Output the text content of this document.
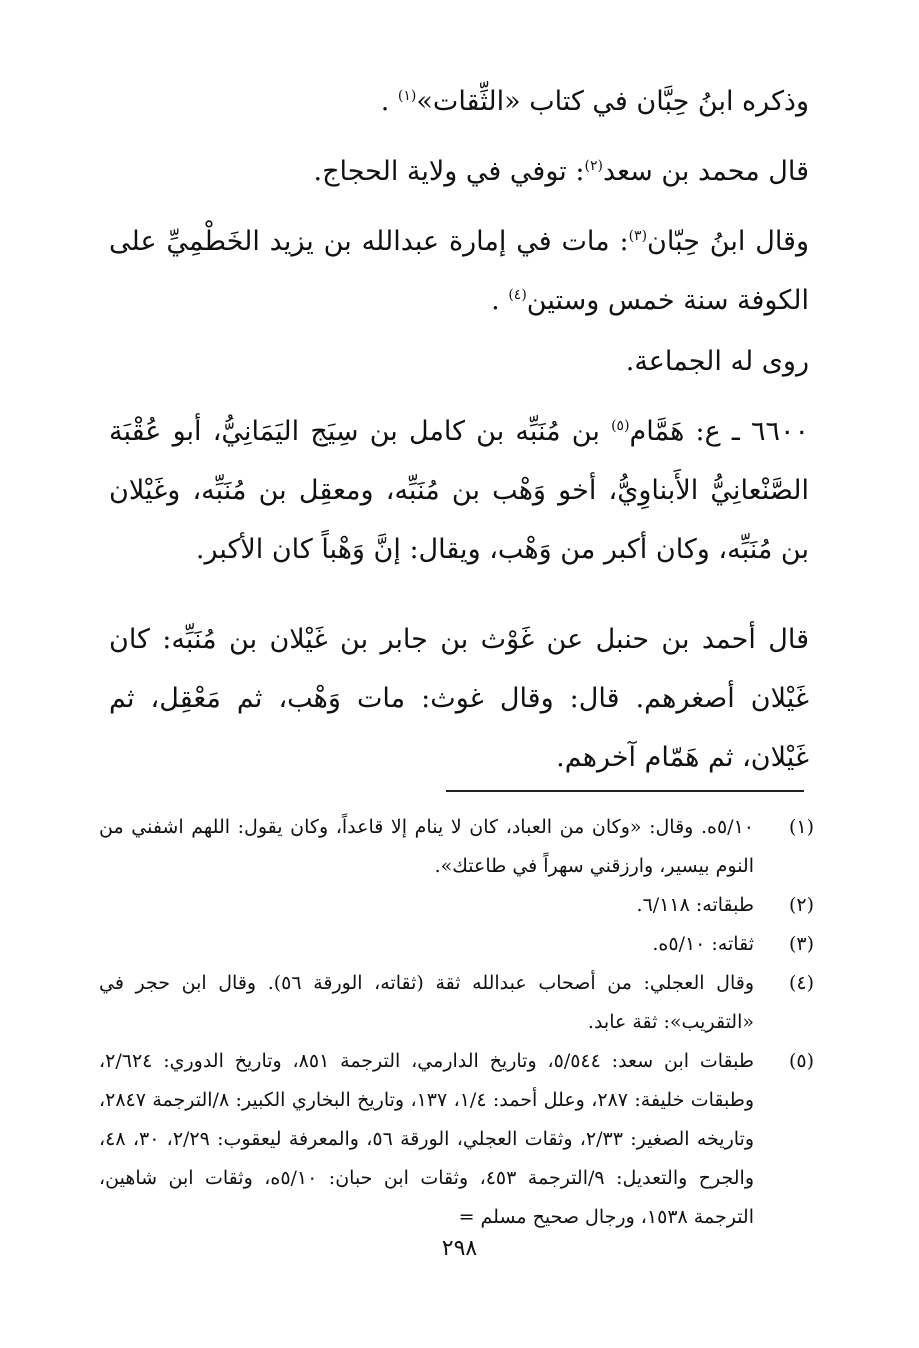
وذكره ابنُ حِبَّان في كتاب «الثِّقات»$^{(١)}$ .
قال محمد بن سعد$^{(٢)}$: توفي في ولاية الحجاج.
وقال ابنُ حِبّان$^{(٣)}$: مات في إمارة عبدالله بن يزيد الخَطْمِيِّ على الكوفة سنة خمس وستين$^{(٤)}$ .
روى له الجماعة.
٦٦٠٠ ـ ع: هَمَّام$^{(٥)}$ بن مُنَبِّه بن كامل بن سِيَج اليَمَانِيُّ، أبو عُقْبَة الصَّنْعانِيُّ الأَبناوِيُّ، أخو وَهْب بن مُنَبِّه، ومعقِل بن مُنَبِّه، وغَيْلان بن مُنَبِّه، وكان أكبر من وَهْب، ويقال: إنَّ وَهْباً كان الأكبر.
قال أحمد بن حنبل عن غَوْث بن جابر بن غَيْلان بن مُنَبِّه: كان غَيْلان أصغرهم. قال: وقال غوث: مات وَهْب، ثم مَعْقِل، ثم غَيْلان، ثم هَمّام آخرهم.
(١)
٥/١٠ه. وقال: «وكان من العباد، كان لا ينام إلا قاعداً، وكان يقول: اللهم اشفني من النوم بيسير، وارزقني سهراً في طاعتك».
(٢)
طبقاته: ٦/١١٨.
(٣)
ثقاته: ٥/١٠ه.
(٤)
وقال العجلي: من أصحاب عبدالله ثقة (ثقاته، الورقة ٥٦). وقال ابن حجر في «التقريب»: ثقة عابد.
(٥)
طبقات ابن سعد: ٥/٥٤٤، وتاريخ الدارمي، الترجمة ٨٥١، وتاريخ الدوري: ٢/٦٢٤، وطبقات خليفة: ٢٨٧، وعلل أحمد: ١/٤، ١٣٧، وتاريخ البخاري الكبير: ٨/الترجمة ٢٨٤٧، وتاريخه الصغير: ٢/٣٣، وثقات العجلي، الورقة ٥٦، والمعرفة ليعقوب: ٢/٢٩، ٣٠، ٤٨، والجرح والتعديل: ٩/الترجمة ٤٥٣، وثقات ابن حبان: ٥/١٠ه، وثقات ابن شاهين، الترجمة ١٥٣٨، ورجال صحيح مسلم =
٢٩٨
